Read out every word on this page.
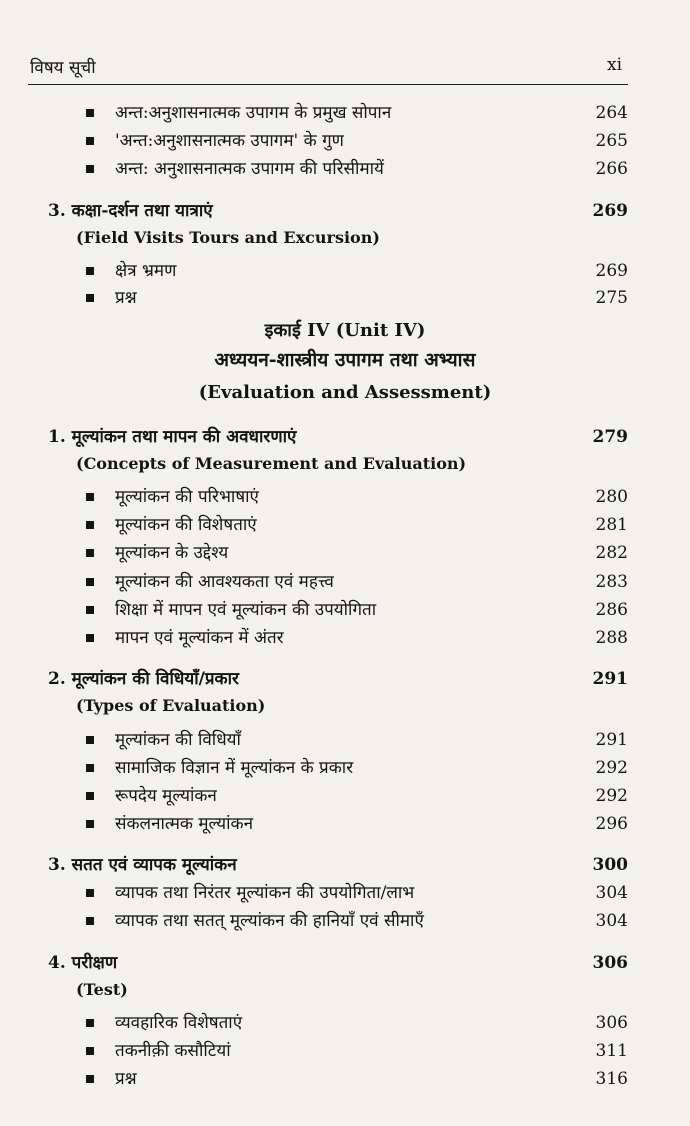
विषय सूची	xi
अन्त:अनुशासनात्मक उपागम के प्रमुख सोपान	264
'अन्त:अनुशासनात्मक उपागम' के गुण	265
अन्त: अनुशासनात्मक उपागम की परिसीमायें	266
3. कक्षा-दर्शन तथा यात्राएं	269
(Field Visits Tours and Excursion)
क्षेत्र भ्रमण	269
प्रश्न	275
इकाई IV (Unit IV)
अध्ययन-शास्त्रीय उपागम तथा अभ्यास
(Evaluation and Assessment)
1. मूल्यांकन तथा मापन की अवधारणाएं	279
(Concepts of Measurement and Evaluation)
मूल्यांकन की परिभाषाएं	280
मूल्यांकन की विशेषताएं	281
मूल्यांकन के उद्देश्य	282
मूल्यांकन की आवश्यकता एवं महत्त्व	283
शिक्षा में मापन एवं मूल्यांकन की उपयोगिता	286
मापन एवं मूल्यांकन में अंतर	288
2. मूल्यांकन की विधियाँ/प्रकार	291
(Types of Evaluation)
मूल्यांकन की विधियाँ	291
सामाजिक विज्ञान में मूल्यांकन के प्रकार	292
रूपदेय मूल्यांकन	292
संकलनात्मक मूल्यांकन	296
3. सतत एवं व्यापक मूल्यांकन	300
व्यापक तथा निरंतर मूल्यांकन की उपयोगिता/लाभ	304
व्यापक तथा सतत् मूल्यांकन की हानियाँ एवं सीमाएँ	304
4. परीक्षण	306
(Test)
व्यवहारिक विशेषताएं	306
तकनीक़ी कसौटियां	311
प्रश्न	316
